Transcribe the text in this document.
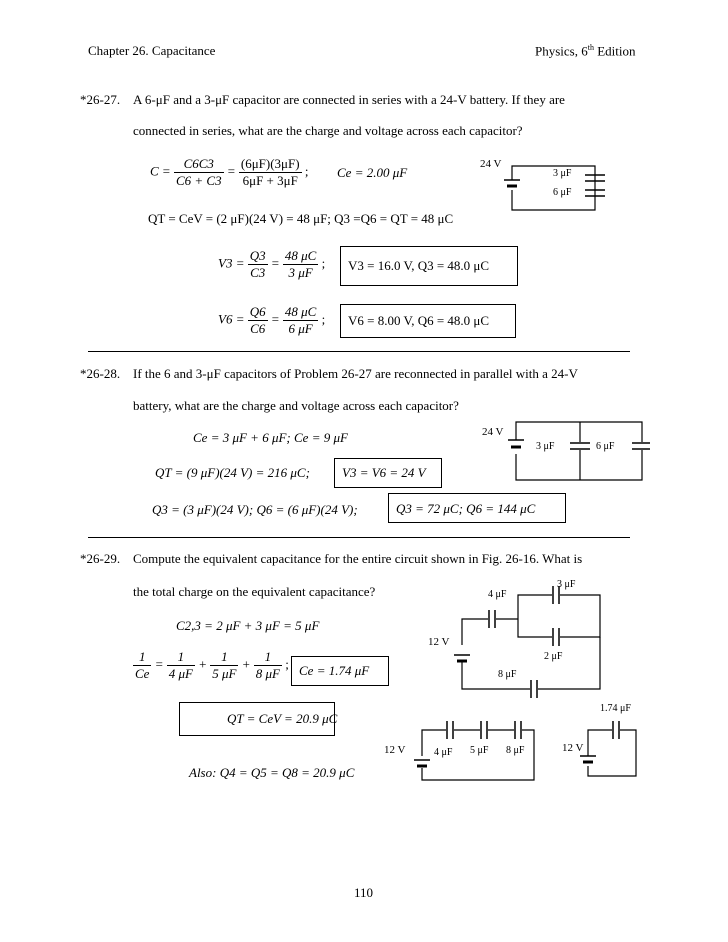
Chapter 26. Capacitance	Physics, 6th Edition
*26-27. A 6-μF and a 3-μF capacitor are connected in series with a 24-V battery. If they are
connected in series, what are the charge and voltage across each capacitor?
$C = \frac{C6C3}{C6 + C3} = \frac{(6\mu F)(3\mu F)}{6\mu F + 3\mu F}$ ; Ce = 2.00 μF
QT = CeV = (2 μF)(24 V) = 48 μF; Q3 =Q6 = QT = 48 μC
$V3 = \frac{Q3}{C3} = \frac{48 \mu C}{3 \mu F}$ ; V3 = 16.0 V, Q3 = 48.0 μC
$V6 = \frac{Q6}{C6} = \frac{48 \mu C}{6 \mu F}$ ; V6 = 8.00 V, Q6 = 48.0 μC
24 V
3 μF
6 μF
*26-28. If the 6 and 3-μF capacitors of Problem 26-27 are reconnected in parallel with a 24-V
battery, what are the charge and voltage across each capacitor?
Ce = 3 μF + 6 μF; Ce = 9 μF
QT = (9 μF)(24 V) = 216 μC; V3 = V6 = 24 V
Q3 = (3 μF)(24 V); Q6 = (6 μF)(24 V);	Q3 = 72 μC; Q6 = 144 μC
24 V
3 μF	6 μF
*26-29. Compute the equivalent capacitance for the entire circuit shown in Fig. 26-16. What is
the total charge on the equivalent capacitance?
C2,3 = 2 μF + 3 μF = 5 μF
$\frac{1}{Ce} = \frac{1}{4 \mu F} + \frac{1}{5 \mu F} + \frac{1}{8 \mu F}$ ; Ce = 1.74 μF
QT = CeV = 20.9 μC
Also: Q4 = Q5 = Q8 = 20.9 μC
12 V
4 μF
3 μF
2 μF
8 μF
12 V	4 μF 5 μF 8 μF
1.74 μF
12 V
110
